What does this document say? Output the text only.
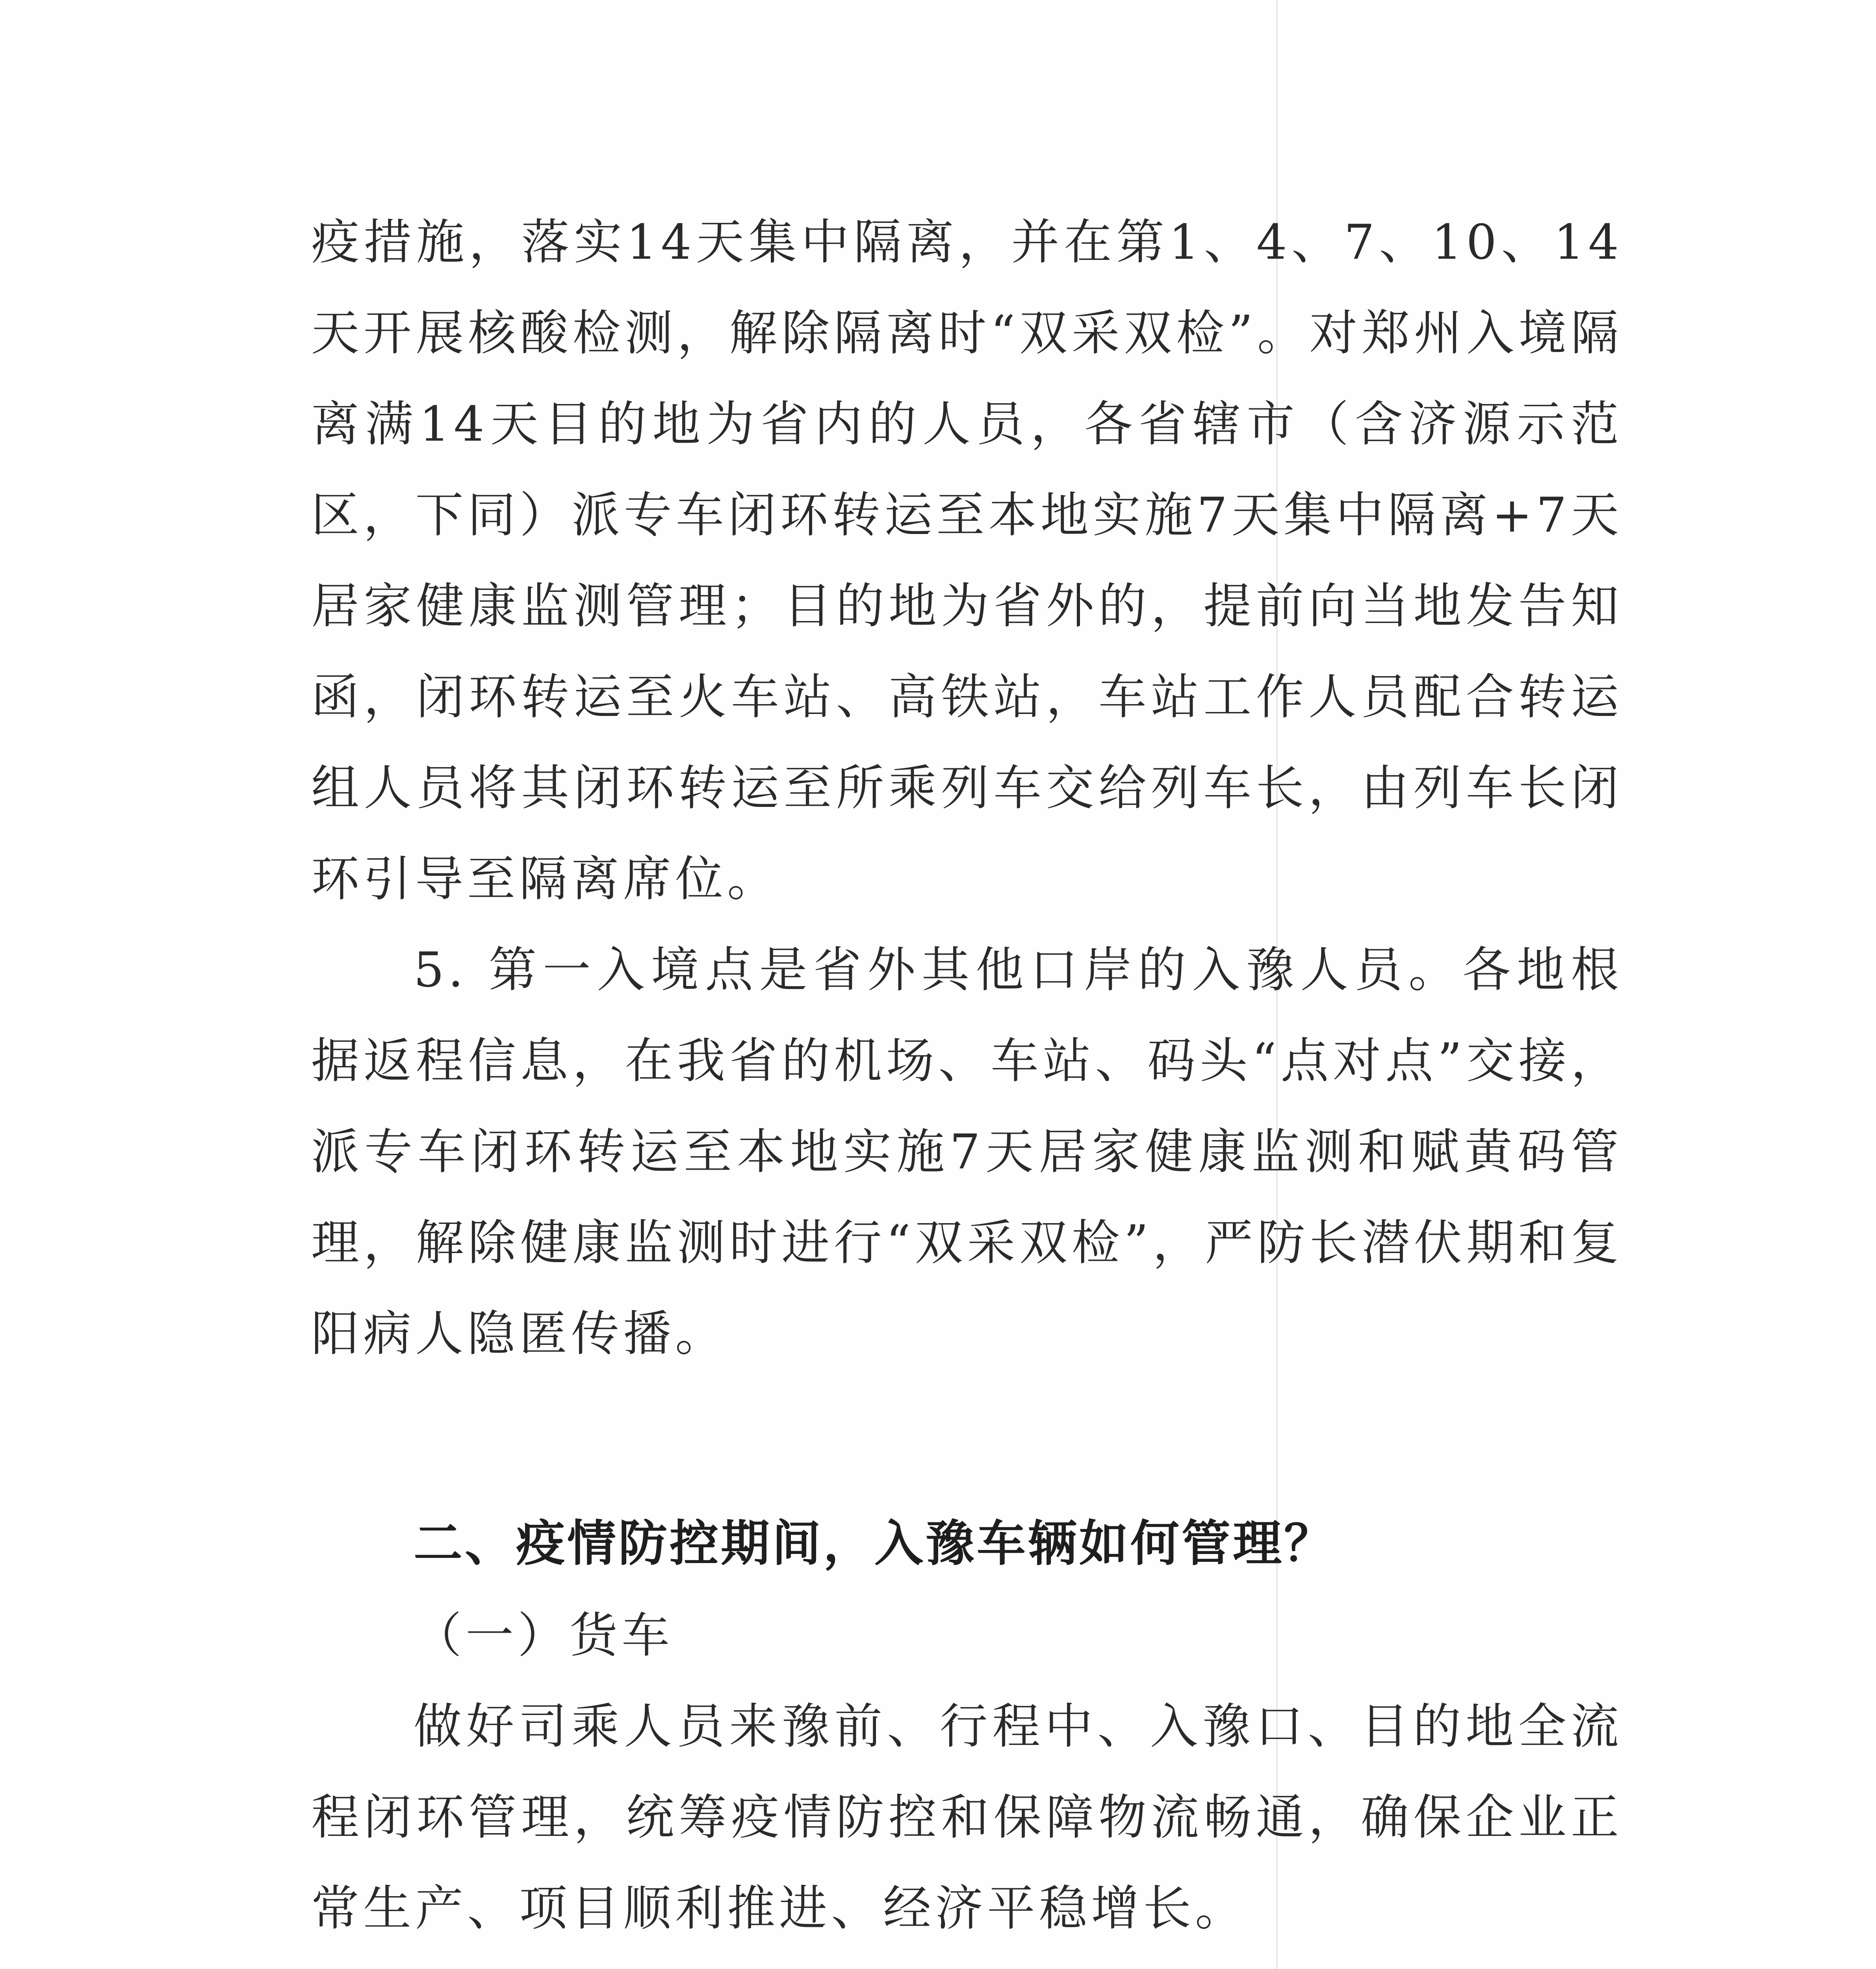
疫措施，落实14天集中隔离，并在第1、4、7、10、14天开展核酸检测，解除隔离时“双采双检”。对郑州入境隔离满14天目的地为省内的人员，各省辖市（含济源示范区，下同）派专车闭环转运至本地实施7天集中隔离+7天居家健康监测管理；目的地为省外的，提前向当地发告知函，闭环转运至火车站、高铁站，车站工作人员配合转运组人员将其闭环转运至所乘列车交给列车长，由列车长闭环引导至隔离席位。

5. 第一入境点是省外其他口岸的入豫人员。各地根据返程信息，在我省的机场、车站、码头“点对点”交接，派专车闭环转运至本地实施7天居家健康监测和赋黄码管理，解除健康监测时进行“双采双检”，严防长潜伏期和复阳病人隐匿传播。

二、疫情防控期间，入豫车辆如何管理？

（一）货车

做好司乘人员来豫前、行程中、入豫口、目的地全流程闭环管理，统筹疫情防控和保障物流畅通，确保企业正常生产、项目顺利推进、经济平稳增长。
